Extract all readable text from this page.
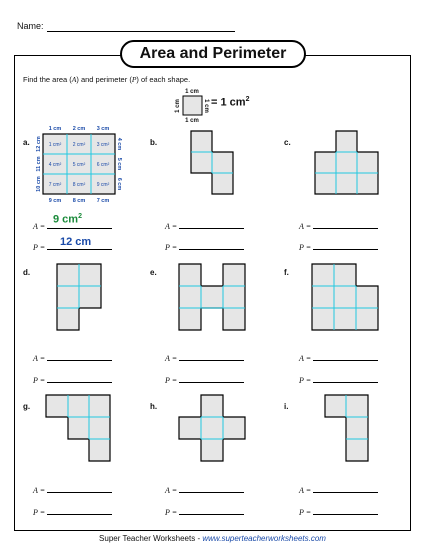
Name:
Area and Perimeter
Find the area (A) and perimeter (P) of each shape.
= 1 $cm^2$
1 cm
1 cm
1 cm	1 cm
1 cm² 2 cm² 3 cm²
4 cm² 5 cm² 6 cm²
7 cm² 8 cm² 9 cm²
1 cm 2 cm 3 cm
9 cm 8 cm 7 cm
12 cm
11 cm
10 cm
4 cm
5 cm
6 cm
a.	b.	c.
d.	e.	f.
g.	h.	i.
9 $cm^2$
12 cm
A =
P =
A =
P =
A =
P =
A =
P =
A =
P =
A =
P =
A =
P =
A =
P =
A =
P =
Super Teacher Worksheets - www.superteacherworksheets.com
